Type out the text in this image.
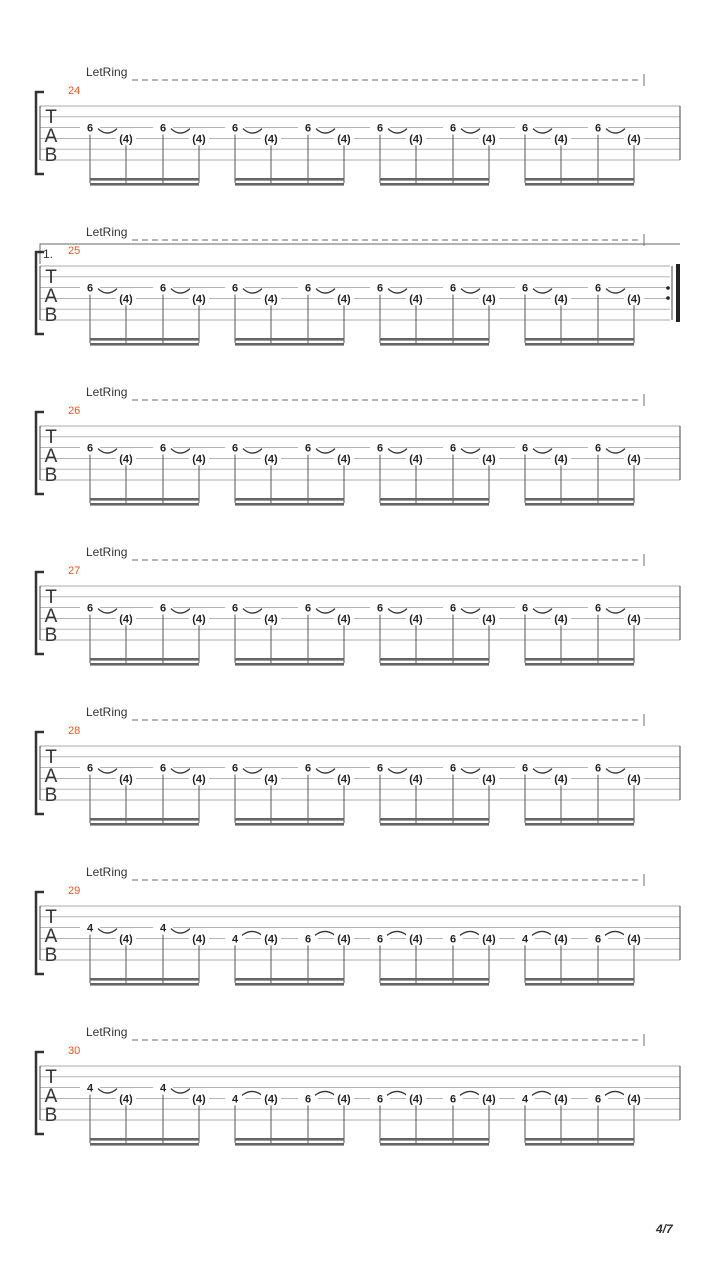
LetRing
24
T
A
B
6
(4)
6
(4)
6
(4)
6
(4)
6
(4)
6
(4)
6
(4)
6
(4)
LetRing
1. 25
T
A
B
6
(4)
6
(4)
6
(4)
6
(4)
6
(4)
6
(4)
6
(4)
6
(4)
LetRing
26
T
A
B
6
(4)
6
(4)
6
(4)
6
(4)
6
(4)
6
(4)
6
(4)
6
(4)
LetRing
27
T
A
B
6
(4)
6
(4)
6
(4)
6
(4)
6
(4)
6
(4)
6
(4)
6
(4)
LetRing
28
T
A
B
6
(4)
6
(4)
6
(4)
6
(4)
6
(4)
6
(4)
6
(4)
6
(4)
LetRing
29
T
A
B
4
(4)
4
(4) 4 (4) 6 (4) 6 (4) 6 (4) 4 (4) 6 (4)
LetRing
30
T
A
B
4
(4)
4
(4) 4 (4) 6 (4) 6 (4) 6 (4) 4 (4) 6 (4)
4/7
